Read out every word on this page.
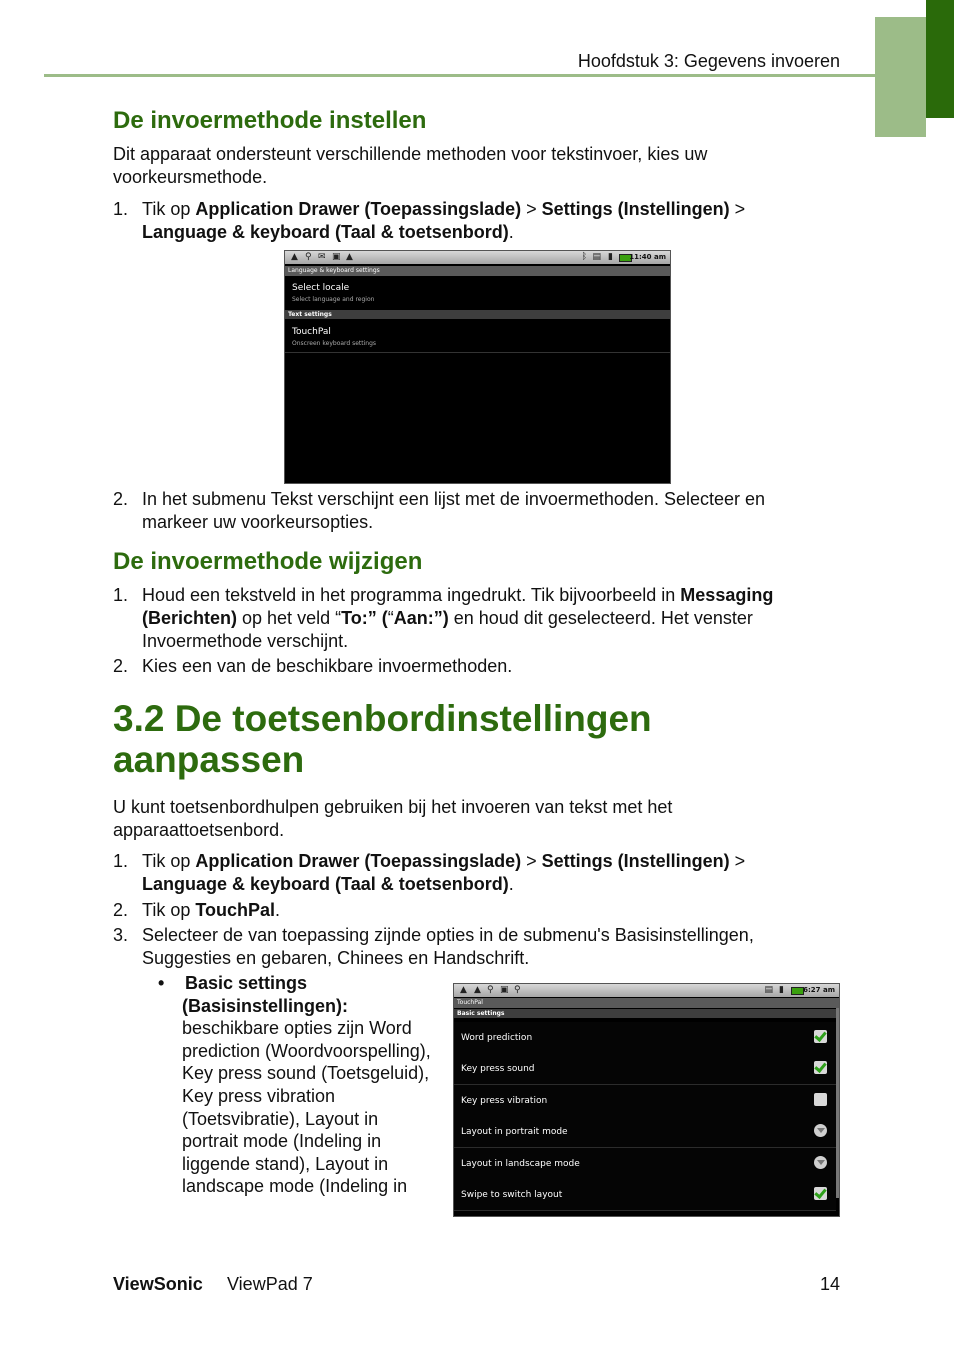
Hoofdstuk 3: Gegevens invoeren
De invoermethode instellen

Dit apparaat ondersteunt verschillende methoden voor tekstinvoer, kies uw voorkeursmethode.

1. Tik op Application Drawer (Toepassingslade) > Settings (Instellingen) >
Language & keyboard (Taal & toetsenbord).
▲ ⚲ ✉ ▣ ▲	ᛒ ▤ ▮ 11:40 am
Language & keyboard settings
Select locale
Select language and region
Text settings
TouchPal
Onscreen keyboard settings
2. In het submenu Tekst verschijnt een lijst met de invoermethoden. Selecteer en markeer uw voorkeursopties.
De invoermethode wijzigen
1. Houd een tekstveld in het programma ingedrukt. Tik bijvoorbeeld in Messaging
(Berichten) op het veld “To:” (“Aan:”) en houd dit geselecteerd. Het venster
Invoermethode verschijnt.
2. Kies een van de beschikbare invoermethoden.
3.2 De toetsenbordinstellingen
aanpassen

U kunt toetsenbordhulpen gebruiken bij het invoeren van tekst met het apparaattoetsenbord.

1. Tik op Application Drawer (Toepassingslade) > Settings (Instellingen) >
Language & keyboard (Taal & toetsenbord).
2. Tik op TouchPal.
3. Selecteer de van toepassing zijnde opties in de submenu's Basisinstellingen, Suggesties en gebaren, Chinees en Handschrift.
• Basic settings (Basisinstellingen):
beschikbare opties zijn Word prediction (Woordvoorspelling), Key press sound (Toetsgeluid), Key press vibration (Toetsvibratie), Layout in portrait mode (Indeling in liggende stand), Layout in landscape mode (Indeling in
▲ ▲ ⚲ ▣ ⚲	▤ ▮	6:27 am
TouchPal
Basic settings
Word prediction
Key press sound
Key press vibration
Layout in portrait mode
Layout in landscape mode
Swipe to switch layout
ViewSonic ViewPad 7	14
